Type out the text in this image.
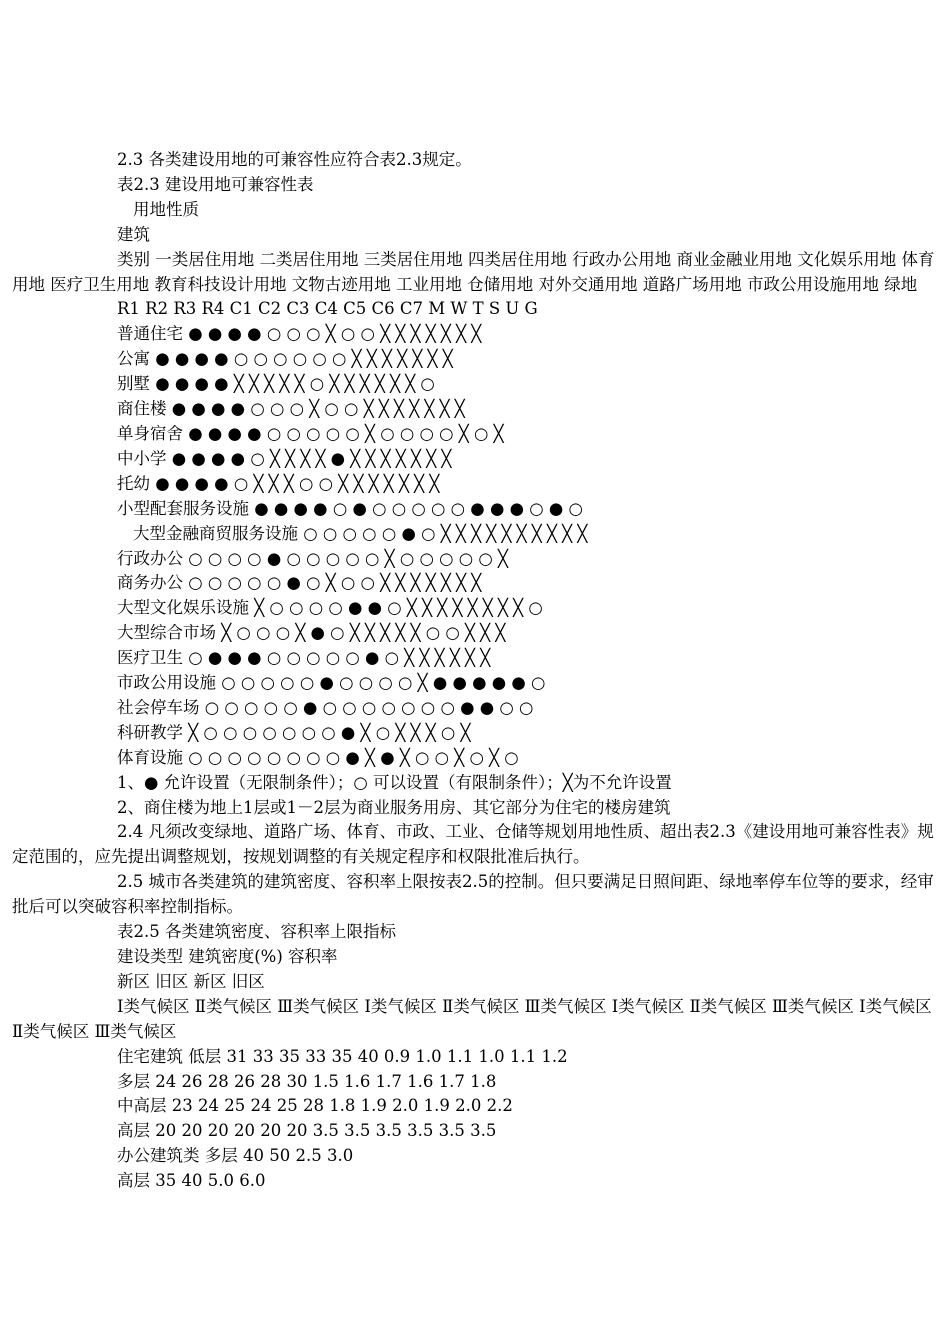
2.3 各类建设用地的可兼容性应符合表2.3规定。
表2.3 建设用地可兼容性表
用地性质
建筑
类别 一类居住用地 二类居住用地 三类居住用地 四类居住用地 行政办公用地 商业金融业用地 文化娱乐用地 体育用地 医疗卫生用地 教育科技设计用地 文物古迹用地 工业用地 仓储用地 对外交通用地 道路广场用地 市政公用设施用地 绿地
R1 R2 R3 R4 C1 C2 C3 C4 C5 C6 C7 M W T S U G
普通住宅 ● ● ● ● ○ ○ ○ ╳ ○ ○ ╳ ╳ ╳ ╳ ╳ ╳ ╳
公寓 ● ● ● ● ○ ○ ○ ○ ○ ○ ╳ ╳ ╳ ╳ ╳ ╳ ╳
别墅 ● ● ● ● ╳ ╳ ╳ ╳ ╳ ○ ╳ ╳ ╳ ╳ ╳ ╳ ○
商住楼 ● ● ● ● ○ ○ ○ ╳ ○ ○ ╳ ╳ ╳ ╳ ╳ ╳ ╳
单身宿舍 ● ● ● ● ○ ○ ○ ○ ○ ╳ ○ ○ ○ ○ ╳ ○ ╳
中小学 ● ● ● ● ○ ╳ ╳ ╳ ╳ ● ╳ ╳ ╳ ╳ ╳ ╳ ╳
托幼 ● ● ● ● ○ ╳ ╳ ╳ ○ ○ ╳ ╳ ╳ ╳ ╳ ╳ ╳
小型配套服务设施 ● ● ● ● ○ ● ○ ○ ○ ○ ○ ● ● ● ○ ● ○
大型金融商贸服务设施 ○ ○ ○ ○ ○ ● ○ ╳ ╳ ╳ ╳ ╳ ╳ ╳ ╳ ╳ ╳
行政办公 ○ ○ ○ ○ ● ○ ○ ○ ○ ○ ╳ ○ ○ ○ ○ ○ ╳
商务办公 ○ ○ ○ ○ ○ ● ○ ╳ ○ ○ ╳ ╳ ╳ ╳ ╳ ╳ ╳
大型文化娱乐设施 ╳ ○ ○ ○ ○ ● ● ○ ╳ ╳ ╳ ╳ ╳ ╳ ╳ ╳ ○
大型综合市场 ╳ ○ ○ ○ ╳ ● ○ ╳ ╳ ╳ ╳ ╳ ○ ○ ╳ ╳ ╳
医疗卫生 ○ ● ● ● ○ ○ ○ ○ ○ ● ○ ╳ ╳ ╳ ╳ ╳ ╳
市政公用设施 ○ ○ ○ ○ ○ ● ○ ○ ○ ○ ╳ ● ● ● ● ● ○
社会停车场 ○ ○ ○ ○ ○ ● ○ ○ ○ ○ ○ ○ ○ ● ● ○ ○
科研教学 ╳ ○ ○ ○ ○ ○ ○ ○ ● ╳ ○ ╳ ╳ ╳ ○ ╳
体育设施 ○ ○ ○ ○ ○ ○ ○ ○ ● ╳ ● ╳ ○ ○ ╳ ○ ╳ ○
1、● 允许设置（无限制条件）；○ 可以设置（有限制条件）；╳为不允许设置
2、商住楼为地上1层或1－2层为商业服务用房、其它部分为住宅的楼房建筑
2.4 凡须改变绿地、道路广场、体育、市政、工业、仓储等规划用地性质、超出表2.3《建设用地可兼容性表》规定范围的，应先提出调整规划，按规划调整的有关规定程序和权限批准后执行。
2.5 城市各类建筑的建筑密度、容积率上限按表2.5的控制。但只要满足日照间距、绿地率停车位等的要求，经审批后可以突破容积率控制指标。
表2.5 各类建筑密度、容积率上限指标
建设类型 建筑密度(%) 容积率
新区 旧区 新区 旧区
Ⅰ类气候区 Ⅱ类气候区 Ⅲ类气候区 Ⅰ类气候区 Ⅱ类气候区 Ⅲ类气候区 Ⅰ类气候区 Ⅱ类气候区 Ⅲ类气候区 Ⅰ类气候区 Ⅱ类气候区 Ⅲ类气候区
住宅建筑 低层 31 33 35 33 35 40 0.9 1.0 1.1 1.0 1.1 1.2
多层 24 26 28 26 28 30 1.5 1.6 1.7 1.6 1.7 1.8
中高层 23 24 25 24 25 28 1.8 1.9 2.0 1.9 2.0 2.2
高层 20 20 20 20 20 20 3.5 3.5 3.5 3.5 3.5 3.5
办公建筑类 多层 40 50 2.5 3.0
高层 35 40 5.0 6.0
